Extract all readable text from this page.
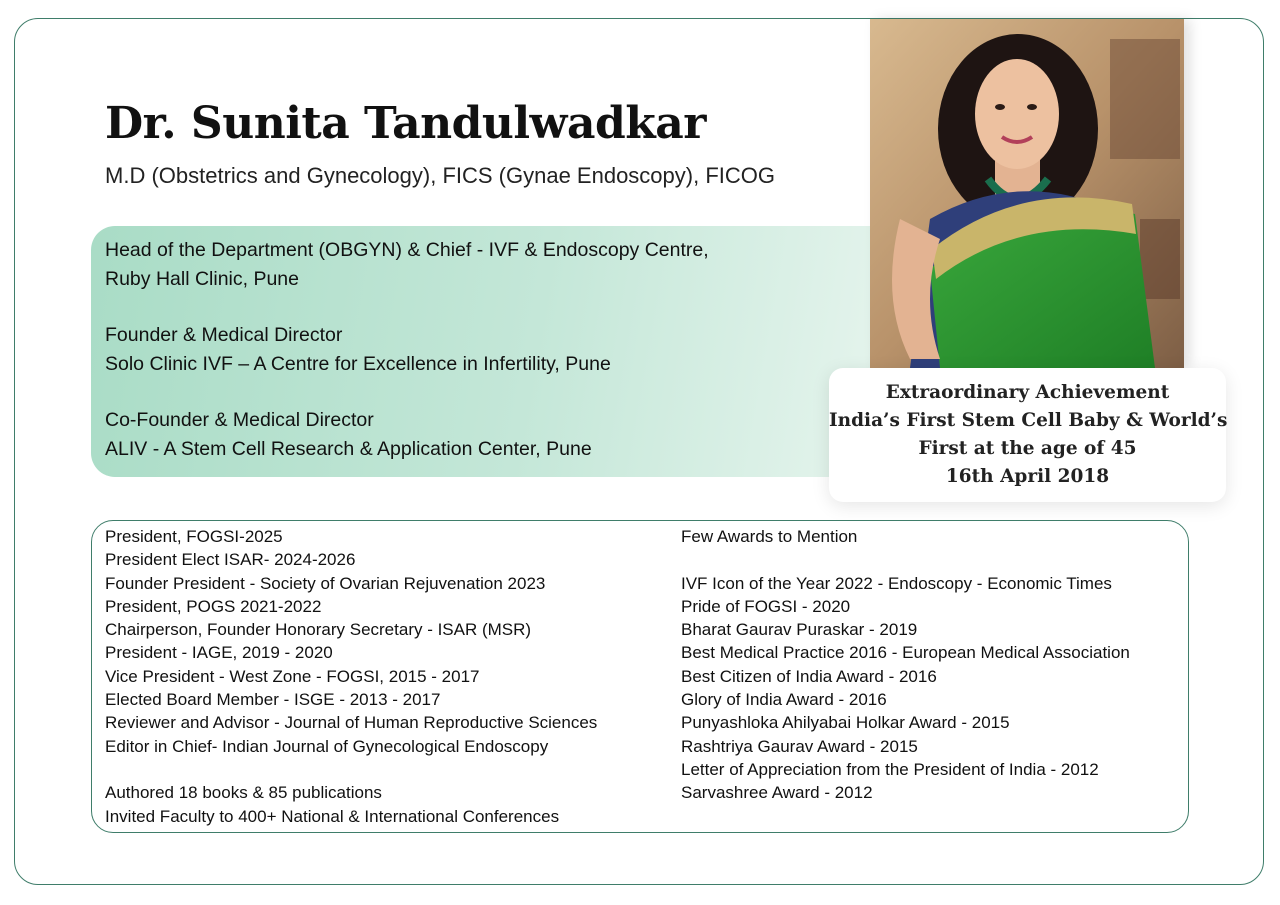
Dr. Sunita Tandulwadkar
M.D (Obstetrics and Gynecology), FICS (Gynae Endoscopy), FICOG
Head of the Department (OBGYN) & Chief - IVF & Endoscopy Centre,
Ruby Hall Clinic, Pune
Founder & Medical Director
Solo Clinic IVF – A Centre for Excellence in Infertility, Pune
Co-Founder & Medical Director
ALIV - A Stem Cell Research & Application Center, Pune
Extraordinary Achievement
India’s First Stem Cell Baby & World’s
First at the age of 45
16th April 2018
President, FOGSI-2025
President Elect ISAR- 2024-2026
Founder President - Society of Ovarian Rejuvenation 2023
President, POGS 2021-2022
Chairperson, Founder Honorary Secretary - ISAR (MSR)
President - IAGE, 2019 - 2020
Vice President - West Zone - FOGSI, 2015 - 2017
Elected Board Member - ISGE - 2013 - 2017
Reviewer and Advisor - Journal of Human Reproductive Sciences
Editor in Chief- Indian Journal of Gynecological Endoscopy
Authored 18 books & 85 publications
Invited Faculty to 400+ National & International Conferences
Few Awards to Mention
IVF Icon of the Year 2022 - Endoscopy - Economic Times
Pride of FOGSI - 2020
Bharat Gaurav Puraskar - 2019
Best Medical Practice 2016 - European Medical Association
Best Citizen of India Award - 2016
Glory of India Award - 2016
Punyashloka Ahilyabai Holkar Award - 2015
Rashtriya Gaurav Award - 2015
Letter of Appreciation from the President of India - 2012
Sarvashree Award - 2012
